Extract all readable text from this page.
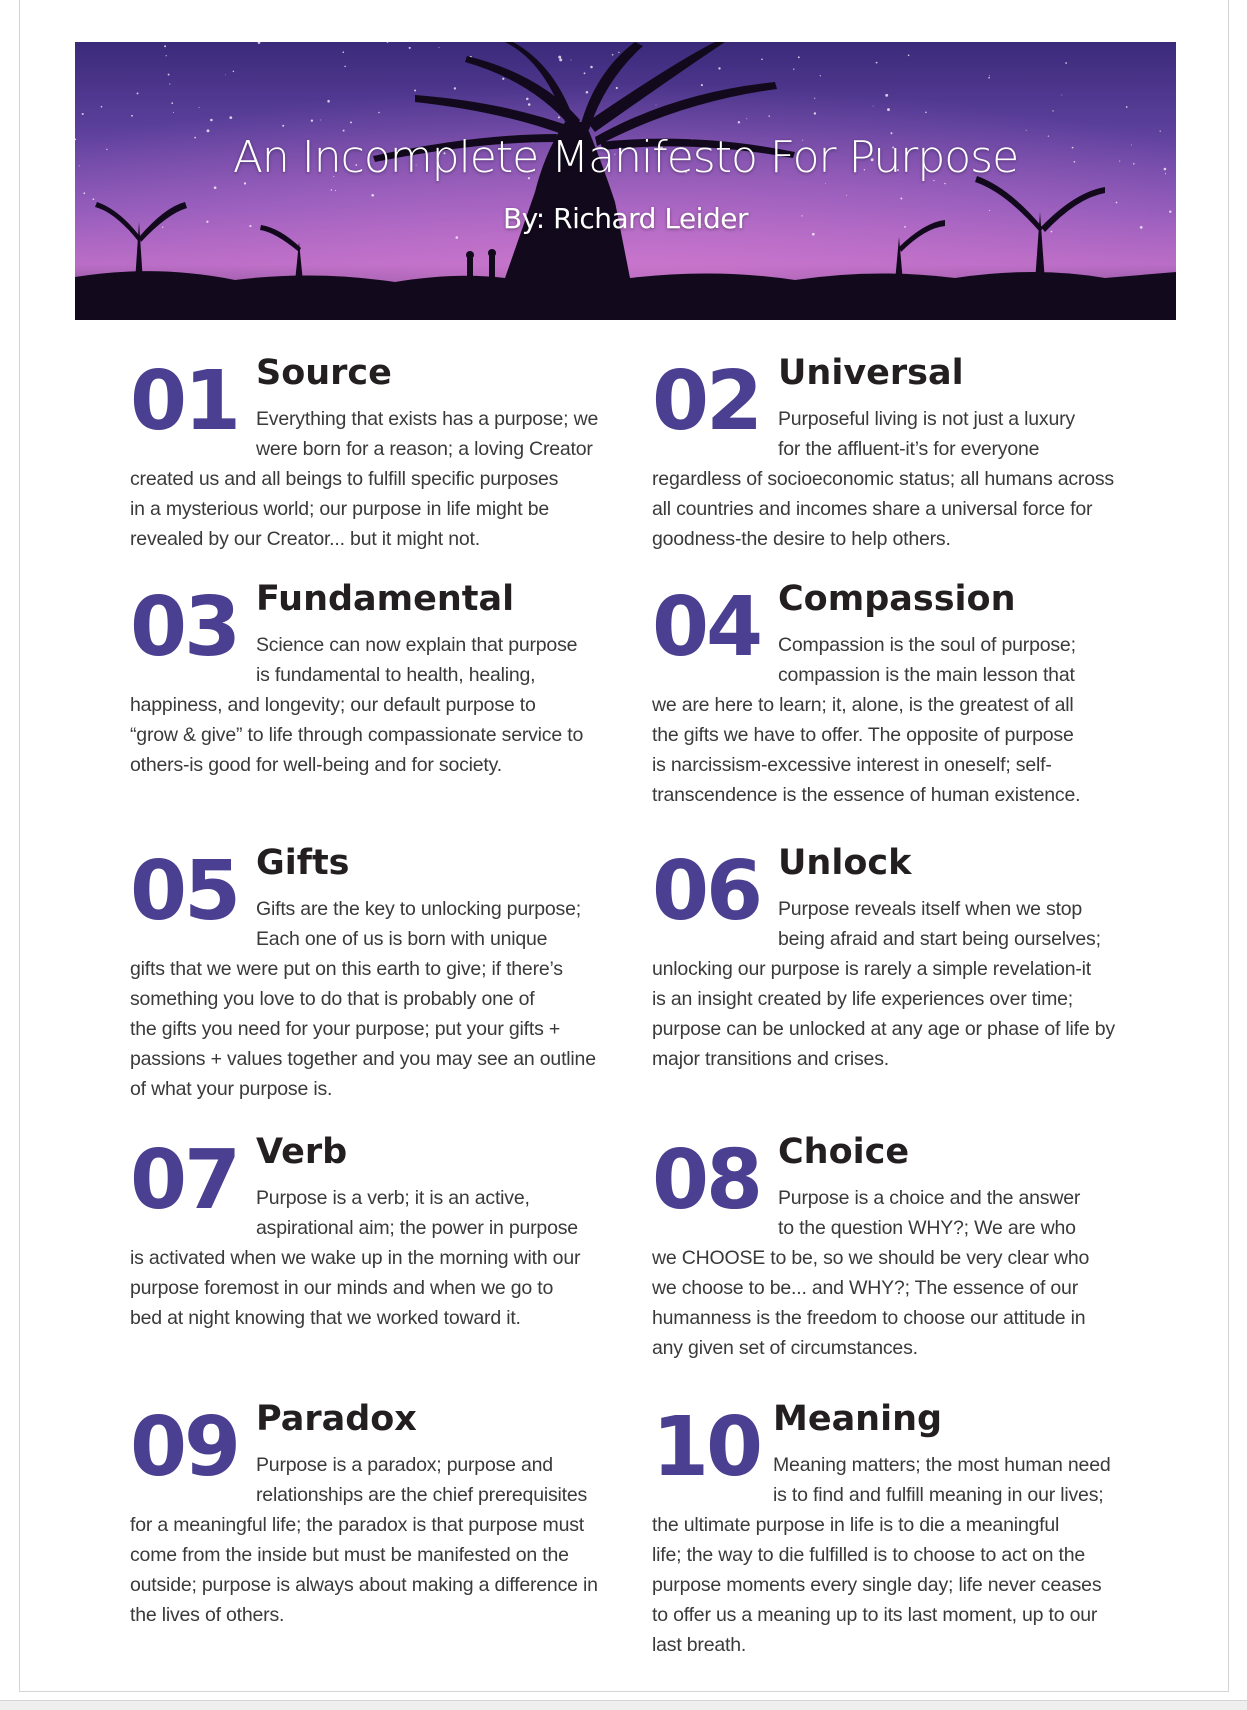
An Incomplete Manifesto For Purpose
By: Richard Leider
01 Source
Everything that exists has a purpose; we
were born for a reason; a loving Creator
created us and all beings to fulfill specific purposes
in a mysterious world; our purpose in life might be
revealed by our Creator... but it might not.
02 Universal
Purposeful living is not just a luxury
for the affluent-it’s for everyone
regardless of socioeconomic status; all humans across
all countries and incomes share a universal force for
goodness-the desire to help others.
03 Fundamental
Science can now explain that purpose
is fundamental to health, healing,
happiness, and longevity; our default purpose to
“grow & give” to life through compassionate service to
others-is good for well-being and for society.
04 Compassion
Compassion is the soul of purpose;
compassion is the main lesson that
we are here to learn; it, alone, is the greatest of all
the gifts we have to offer. The opposite of purpose
is narcissism-excessive interest in oneself; self-
transcendence is the essence of human existence.
05 Gifts
Gifts are the key to unlocking purpose;
Each one of us is born with unique
gifts that we were put on this earth to give; if there’s
something you love to do that is probably one of
the gifts you need for your purpose; put your gifts +
passions + values together and you may see an outline
of what your purpose is.
06 Unlock
Purpose reveals itself when we stop
being afraid and start being ourselves;
unlocking our purpose is rarely a simple revelation-it
is an insight created by life experiences over time;
purpose can be unlocked at any age or phase of life by
major transitions and crises.
07 Verb
Purpose is a verb; it is an active,
aspirational aim; the power in purpose
is activated when we wake up in the morning with our
purpose foremost in our minds and when we go to
bed at night knowing that we worked toward it.
08 Choice
Purpose is a choice and the answer
to the question WHY?; We are who
we CHOOSE to be, so we should be very clear who
we choose to be... and WHY?; The essence of our
humanness is the freedom to choose our attitude in
any given set of circumstances.
09 Paradox
Purpose is a paradox; purpose and
relationships are the chief prerequisites
for a meaningful life; the paradox is that purpose must
come from the inside but must be manifested on the
outside; purpose is always about making a difference in
the lives of others.
10 Meaning
Meaning matters; the most human need
is to find and fulfill meaning in our lives;
the ultimate purpose in life is to die a meaningful
life; the way to die fulfilled is to choose to act on the
purpose moments every single day; life never ceases
to offer us a meaning up to its last moment, up to our
last breath.
